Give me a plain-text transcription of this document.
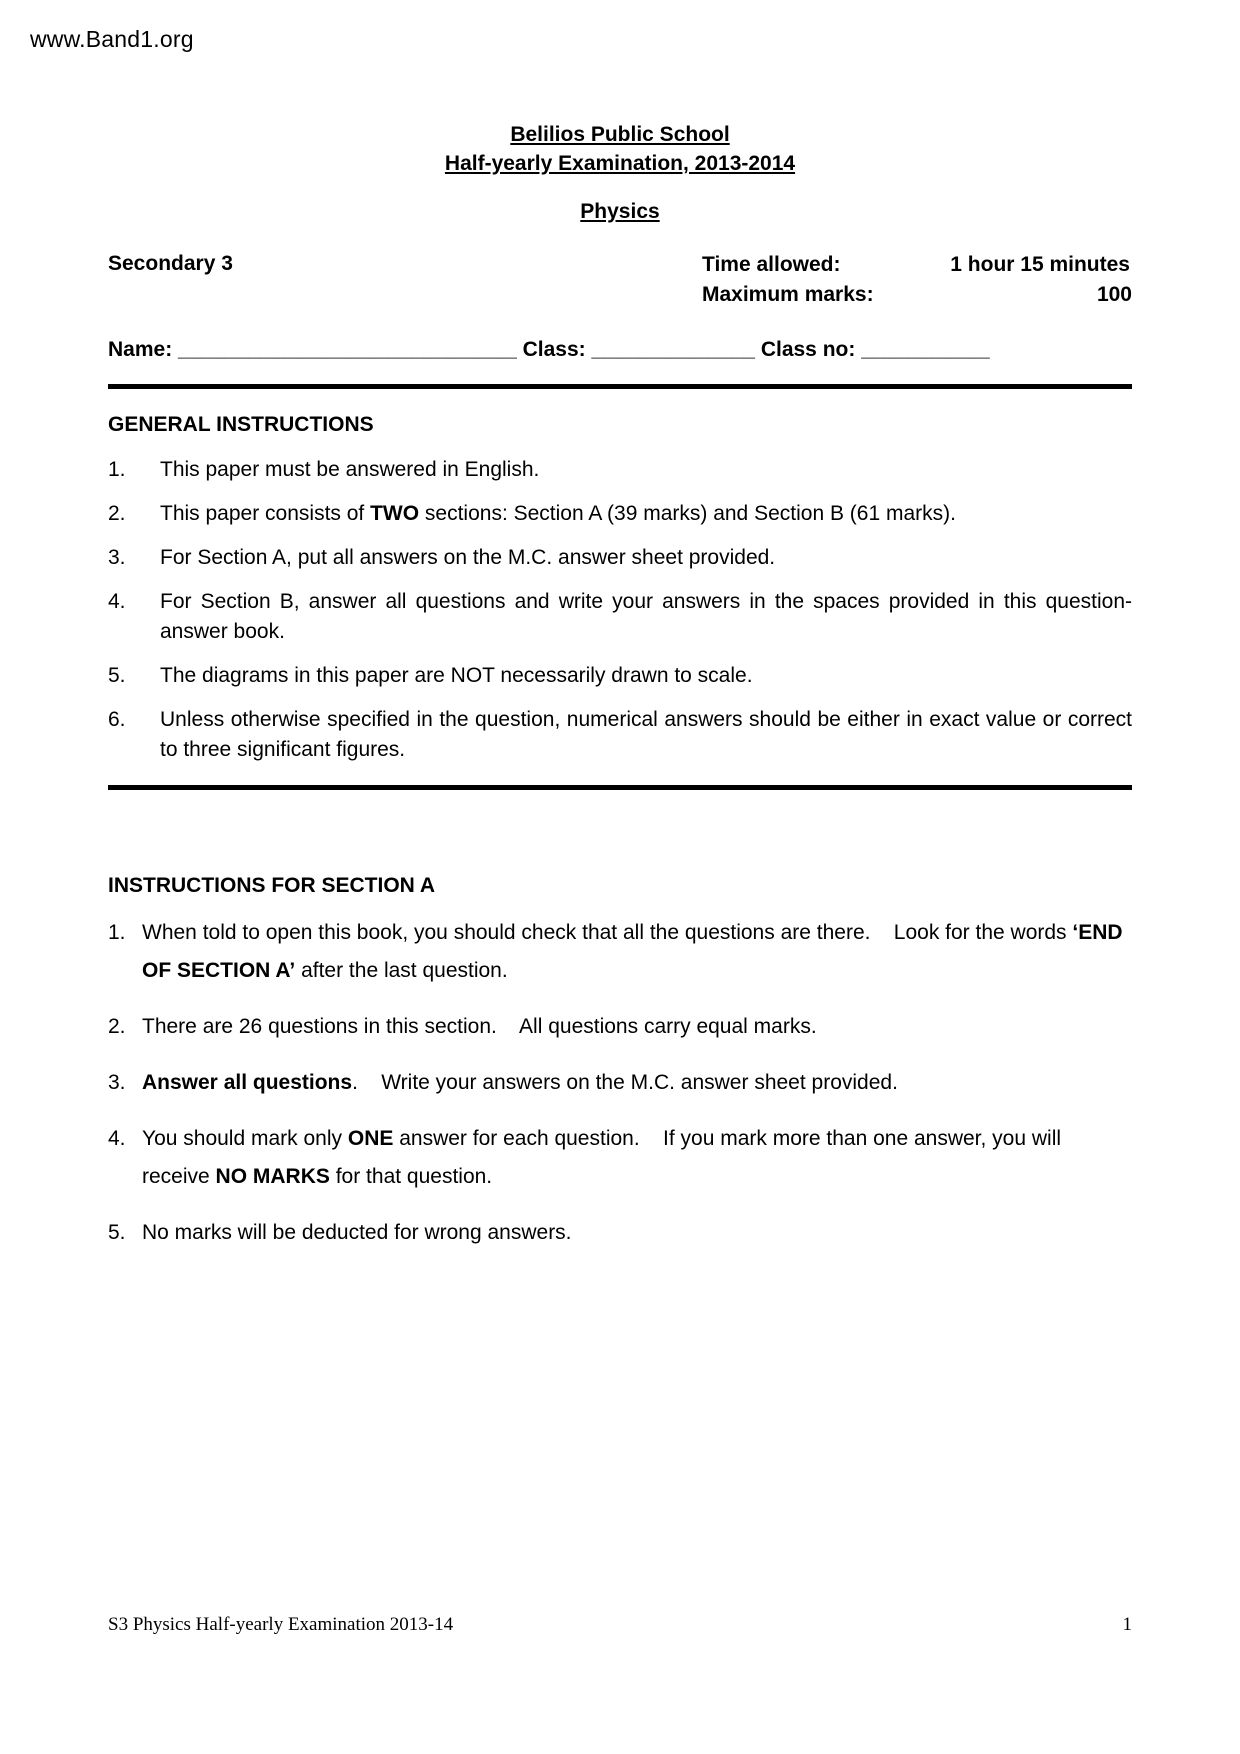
www.Band1.org
Belilios Public School
Half-yearly Examination, 2013-2014
Physics
Secondary 3	Time allowed:	1 hour 15 minutes
Maximum marks:	100
Name: _____________________________ Class: ______________ Class no: ___________
GENERAL INSTRUCTIONS
1.	This paper must be answered in English.
2.	This paper consists of TWO sections: Section A (39 marks) and Section B (61 marks).
3.	For Section A, put all answers on the M.C. answer sheet provided.
4.	For Section B, answer all questions and write your answers in the spaces provided in this question-answer book.
5.	The diagrams in this paper are NOT necessarily drawn to scale.
6.	Unless otherwise specified in the question, numerical answers should be either in exact value or correct to three significant figures.
INSTRUCTIONS FOR SECTION A
1. When told to open this book, you should check that all the questions are there.    Look for the words ‘END OF SECTION A’ after the last question.
2. There are 26 questions in this section.    All questions carry equal marks.
3. Answer all questions.    Write your answers on the M.C. answer sheet provided.
4. You should mark only ONE answer for each question.    If you mark more than one answer, you will receive NO MARKS for that question.
5. No marks will be deducted for wrong answers.
S3 Physics Half-yearly Examination 2013-14	1
